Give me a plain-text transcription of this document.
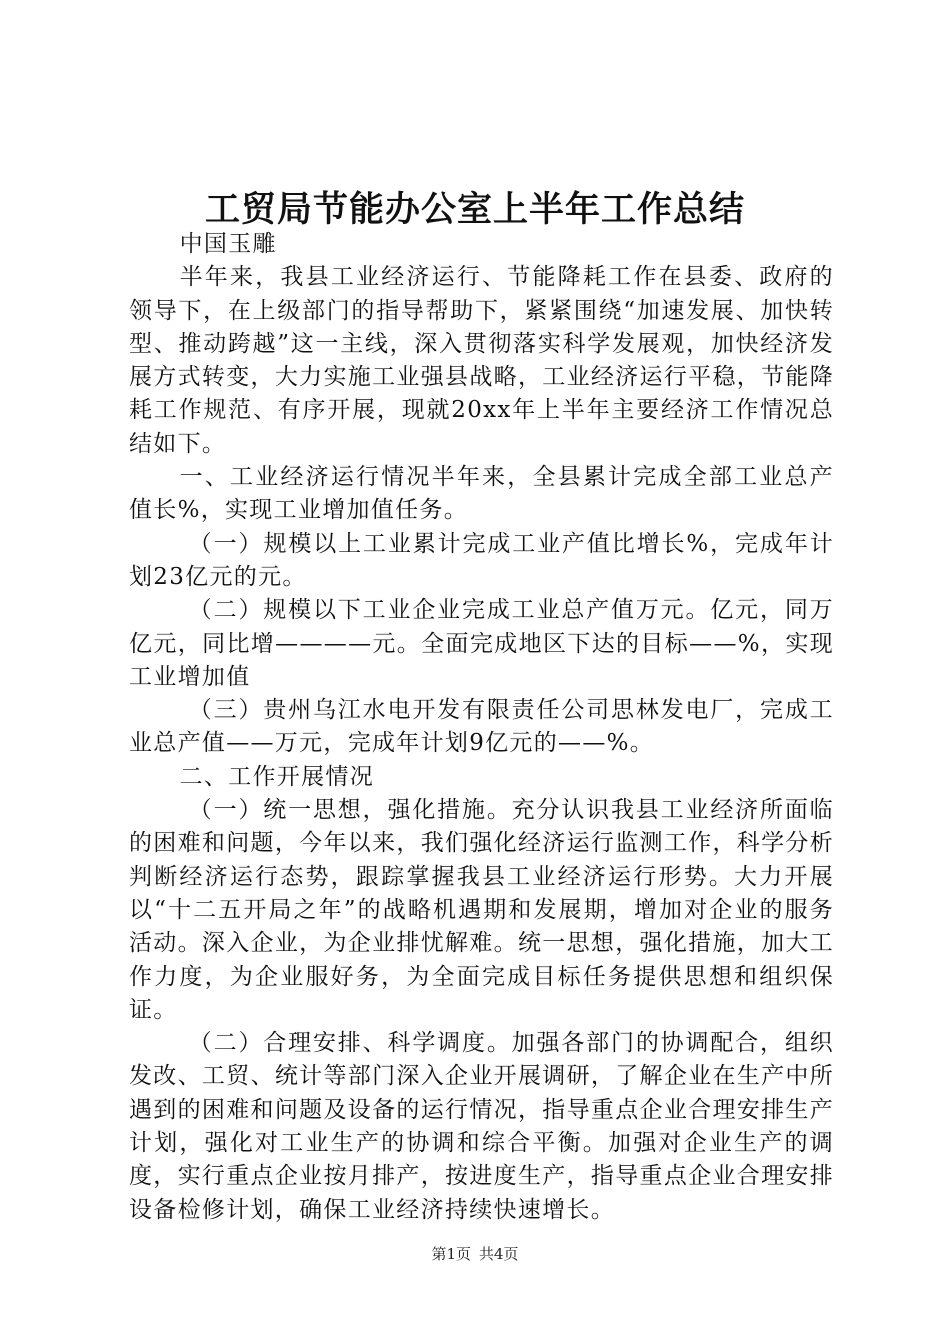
工贸局节能办公室上半年工作总结

中国玉雕

半年来，我县工业经济运行、节能降耗工作在县委、政府的领导下，在上级部门的指导帮助下，紧紧围绕“加速发展、加快转型、推动跨越”这一主线，深入贯彻落实科学发展观，加快经济发展方式转变，大力实施工业强县战略，工业经济运行平稳，节能降耗工作规范、有序开展，现就20xx年上半年主要经济工作情况总结如下。

一、工业经济运行情况半年来，全县累计完成全部工业总产值长%，实现工业增加值任务。

（一）规模以上工业累计完成工业产值比增长%，完成年计划23亿元的元。

（二）规模以下工业企业完成工业总产值万元。亿元，同万亿元，同比增————元。全面完成地区下达的目标——%，实现工业增加值

（三）贵州乌江水电开发有限责任公司思林发电厂，完成工业总产值——万元，完成年计划9亿元的——%。

二、工作开展情况

（一）统一思想，强化措施。充分认识我县工业经济所面临的困难和问题，今年以来，我们强化经济运行监测工作，科学分析判断经济运行态势，跟踪掌握我县工业经济运行形势。大力开展以“十二五开局之年”的战略机遇期和发展期，增加对企业的服务活动。深入企业，为企业排忧解难。统一思想，强化措施，加大工作力度，为企业服好务，为全面完成目标任务提供思想和组织保证。

（二）合理安排、科学调度。加强各部门的协调配合，组织发改、工贸、统计等部门深入企业开展调研，了解企业在生产中所遇到的困难和问题及设备的运行情况，指导重点企业合理安排生产计划，强化对工业生产的协调和综合平衡。加强对企业生产的调度，实行重点企业按月排产，按进度生产，指导重点企业合理安排设备检修计划，确保工业经济持续快速增长。

第1页 共4页
